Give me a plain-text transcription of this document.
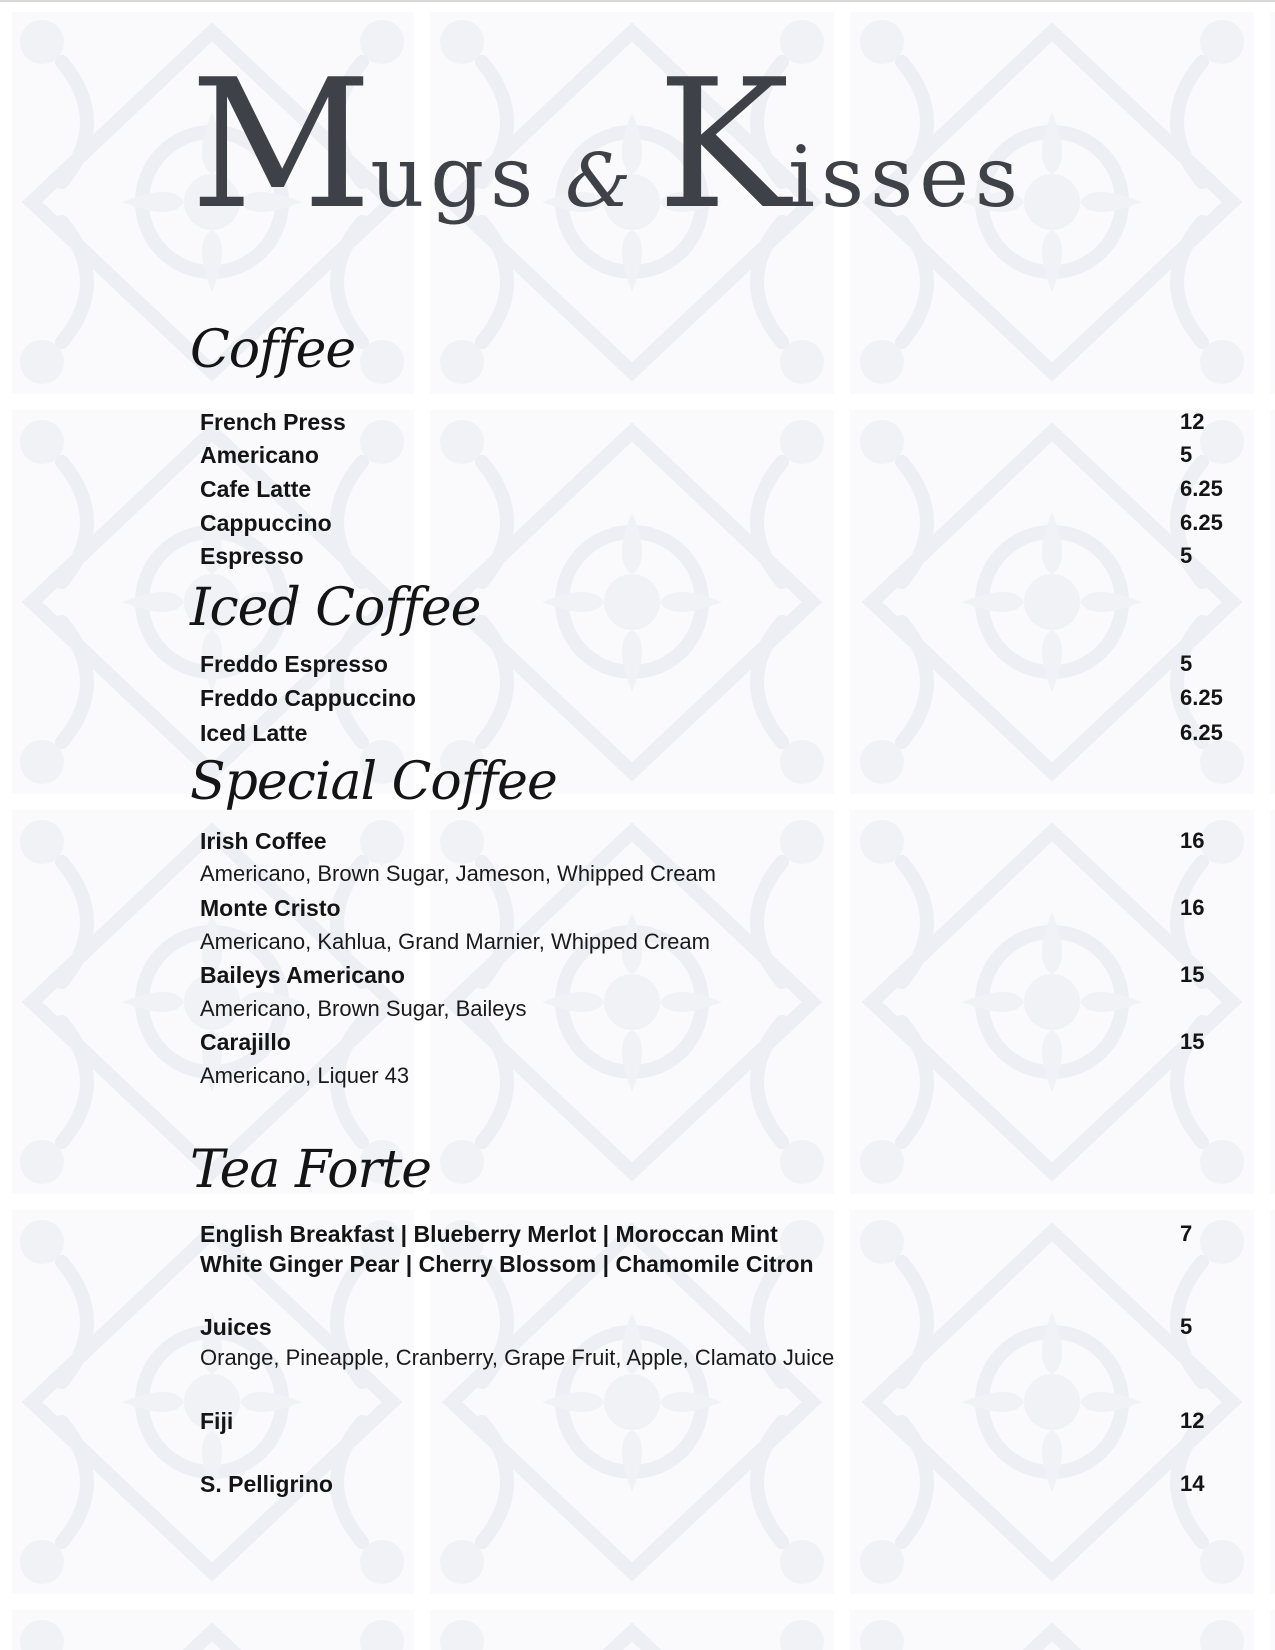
Mugs & Kisses
Coffee
French Press	12
Americano	5
Cafe Latte	6.25
Cappuccino	6.25
Espresso	5
Iced Coffee
Freddo Espresso	5
Freddo Cappuccino	6.25
Iced Latte	6.25
Special Coffee
Irish Coffee	16
Americano, Brown Sugar, Jameson, Whipped Cream
Monte Cristo	16
Americano, Kahlua, Grand Marnier, Whipped Cream
Baileys Americano	15
Americano, Brown Sugar, Baileys
Carajillo	15
Americano, Liquer 43
Tea Forte
English Breakfast | Blueberry Merlot | Moroccan Mint	7
White Ginger Pear | Cherry Blossom | Chamomile Citron
Juices	5
Orange, Pineapple, Cranberry, Grape Fruit, Apple, Clamato Juice
Fiji	12
S. Pelligrino	14
